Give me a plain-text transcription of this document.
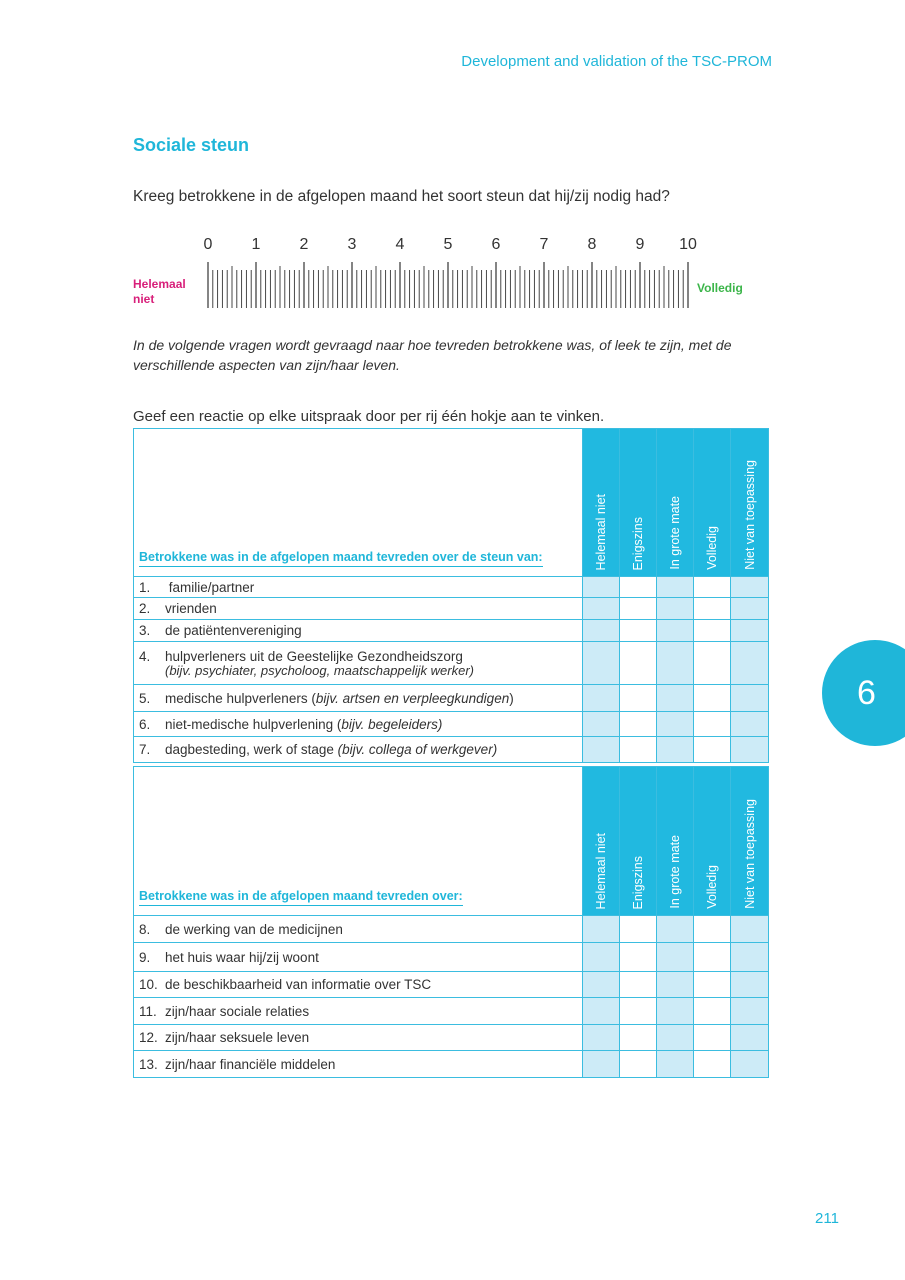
Development and validation of the TSC-PROM
Sociale steun
Kreeg betrokkene in de afgelopen maand het soort steun dat hij/zij nodig had?
0 1 2 3 4 5 6 7 8 9 10
Helemaal niet
Volledig
In de volgende vragen wordt gevraagd naar hoe tevreden betrokkene was, of leek te zijn, met de verschillende aspecten van zijn/haar leven.
Geef een reactie op elke uitspraak door per rij één hokje aan te vinken.
Betrokkene was in de afgelopen maand tevreden over de steun van:	Helemaal niet	Enigszins	In grote mate	Volledig	Niet van toepassing

1. familie/partner					
2. vrienden					
3. de patiëntenvereniging					
4. hulpverleners uit de Geestelijke Gezondheidszorg
(bijv. psychiater, psycholoog, maatschappelijk werker)					

5. medische hulpverleners (bijv. artsen en verpleegkundigen)					
6. niet-medische hulpverlening (bijv. begeleiders)					
7. dagbesteding, werk of stage (bijv. collega of werkgever)					
Betrokkene was in de afgelopen maand tevreden over:	Helemaal niet	Enigszins	In grote mate	Volledig	Niet van toepassing

8. de werking van de medicijnen					
9. het huis waar hij/zij woont					
10. de beschikbaarheid van informatie over TSC					
11. zijn/haar sociale relaties					
12. zijn/haar seksuele leven					
13. zijn/haar financiële middelen					
6
211
